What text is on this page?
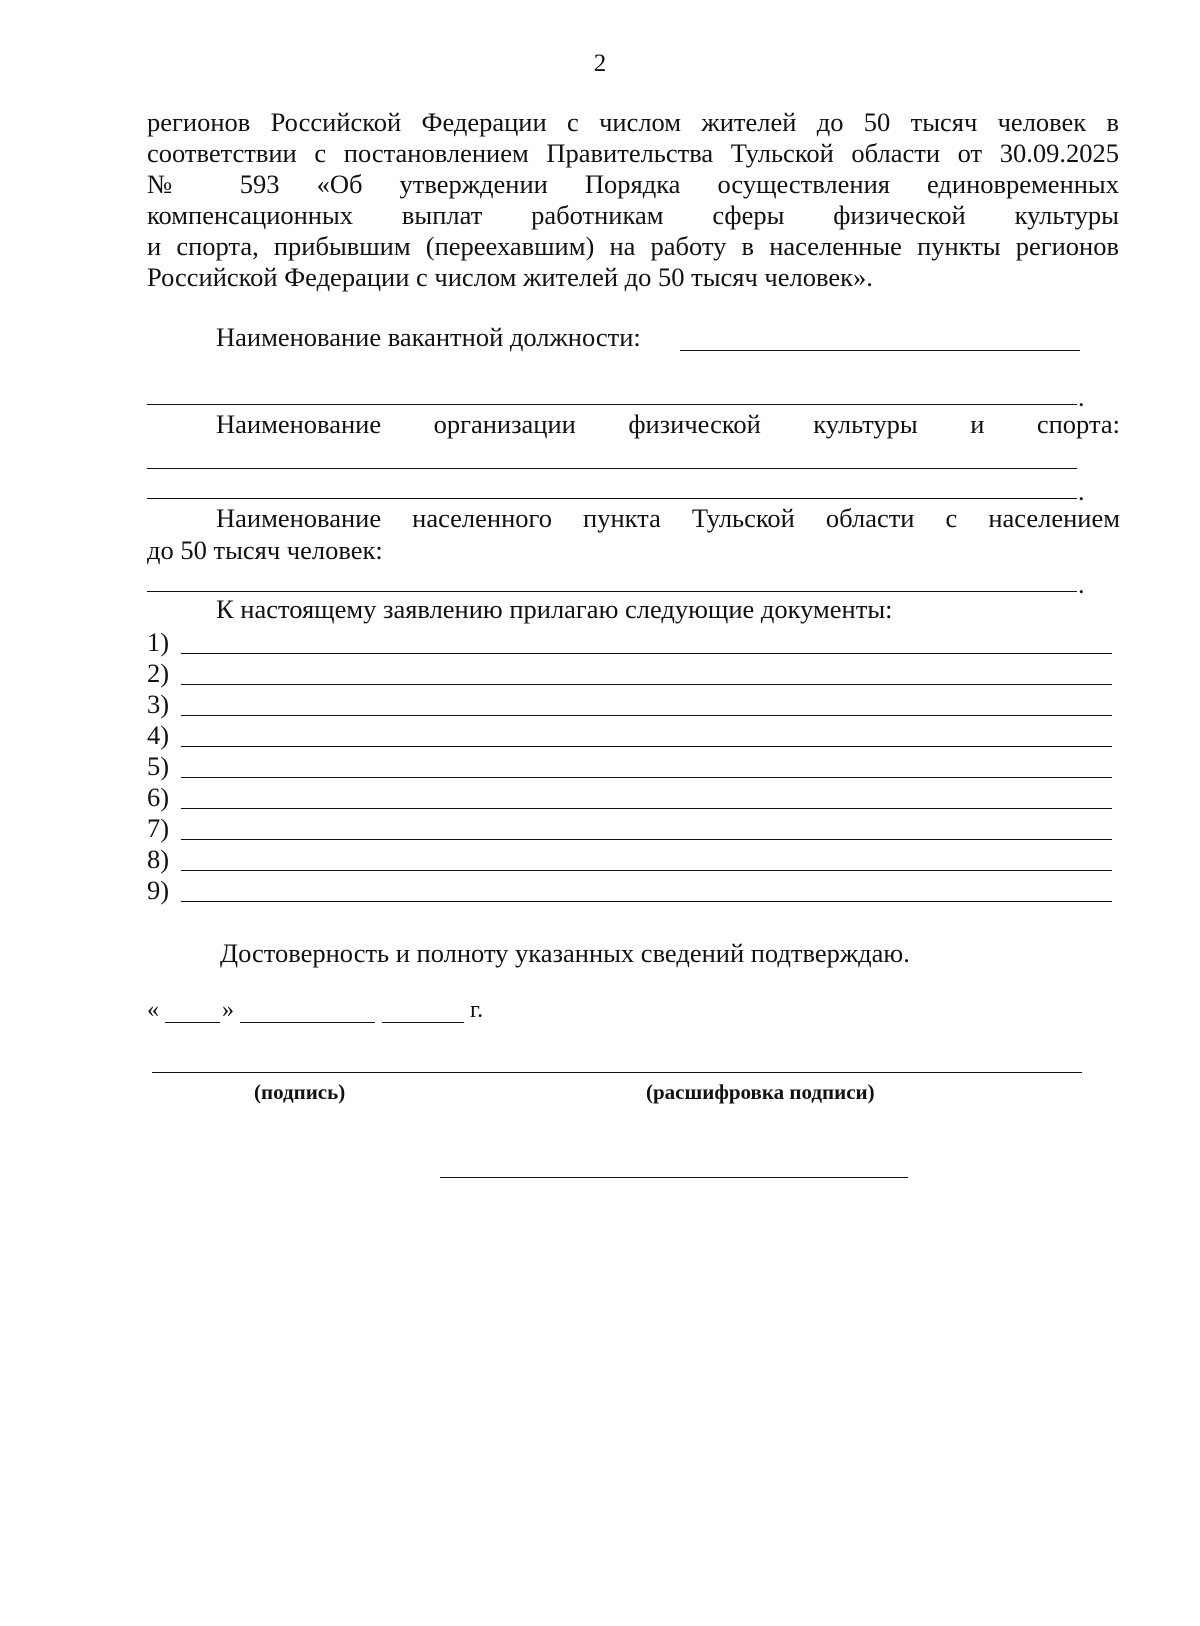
2
регионов Российской Федерации с числом жителей до 50 тысяч человек в
соответствии с постановлением Правительства Тульской области от 30.09.2025
№ 593 «Об утверждении Порядка осуществления единовременных
компенсационных выплат работникам сферы физической культуры
и спорта, прибывшим (переехавшим) на работу в населенные пункты регионов
Российской Федерации с числом жителей до 50 тысяч человек».
Наименование вакантной должности:
.
Наименование организации физической культуры и спорта:
.
Наименование населенного пункта Тульской области с населением
до 50 тысяч человек:
.
К настоящему заявлению прилагаю следующие документы:
1)
2)
3)
4)
5)
6)
7)
8)
9)
Достоверность и полноту указанных сведений подтверждаю.
«	»	г.
(подпись)	(расшифровка подписи)
